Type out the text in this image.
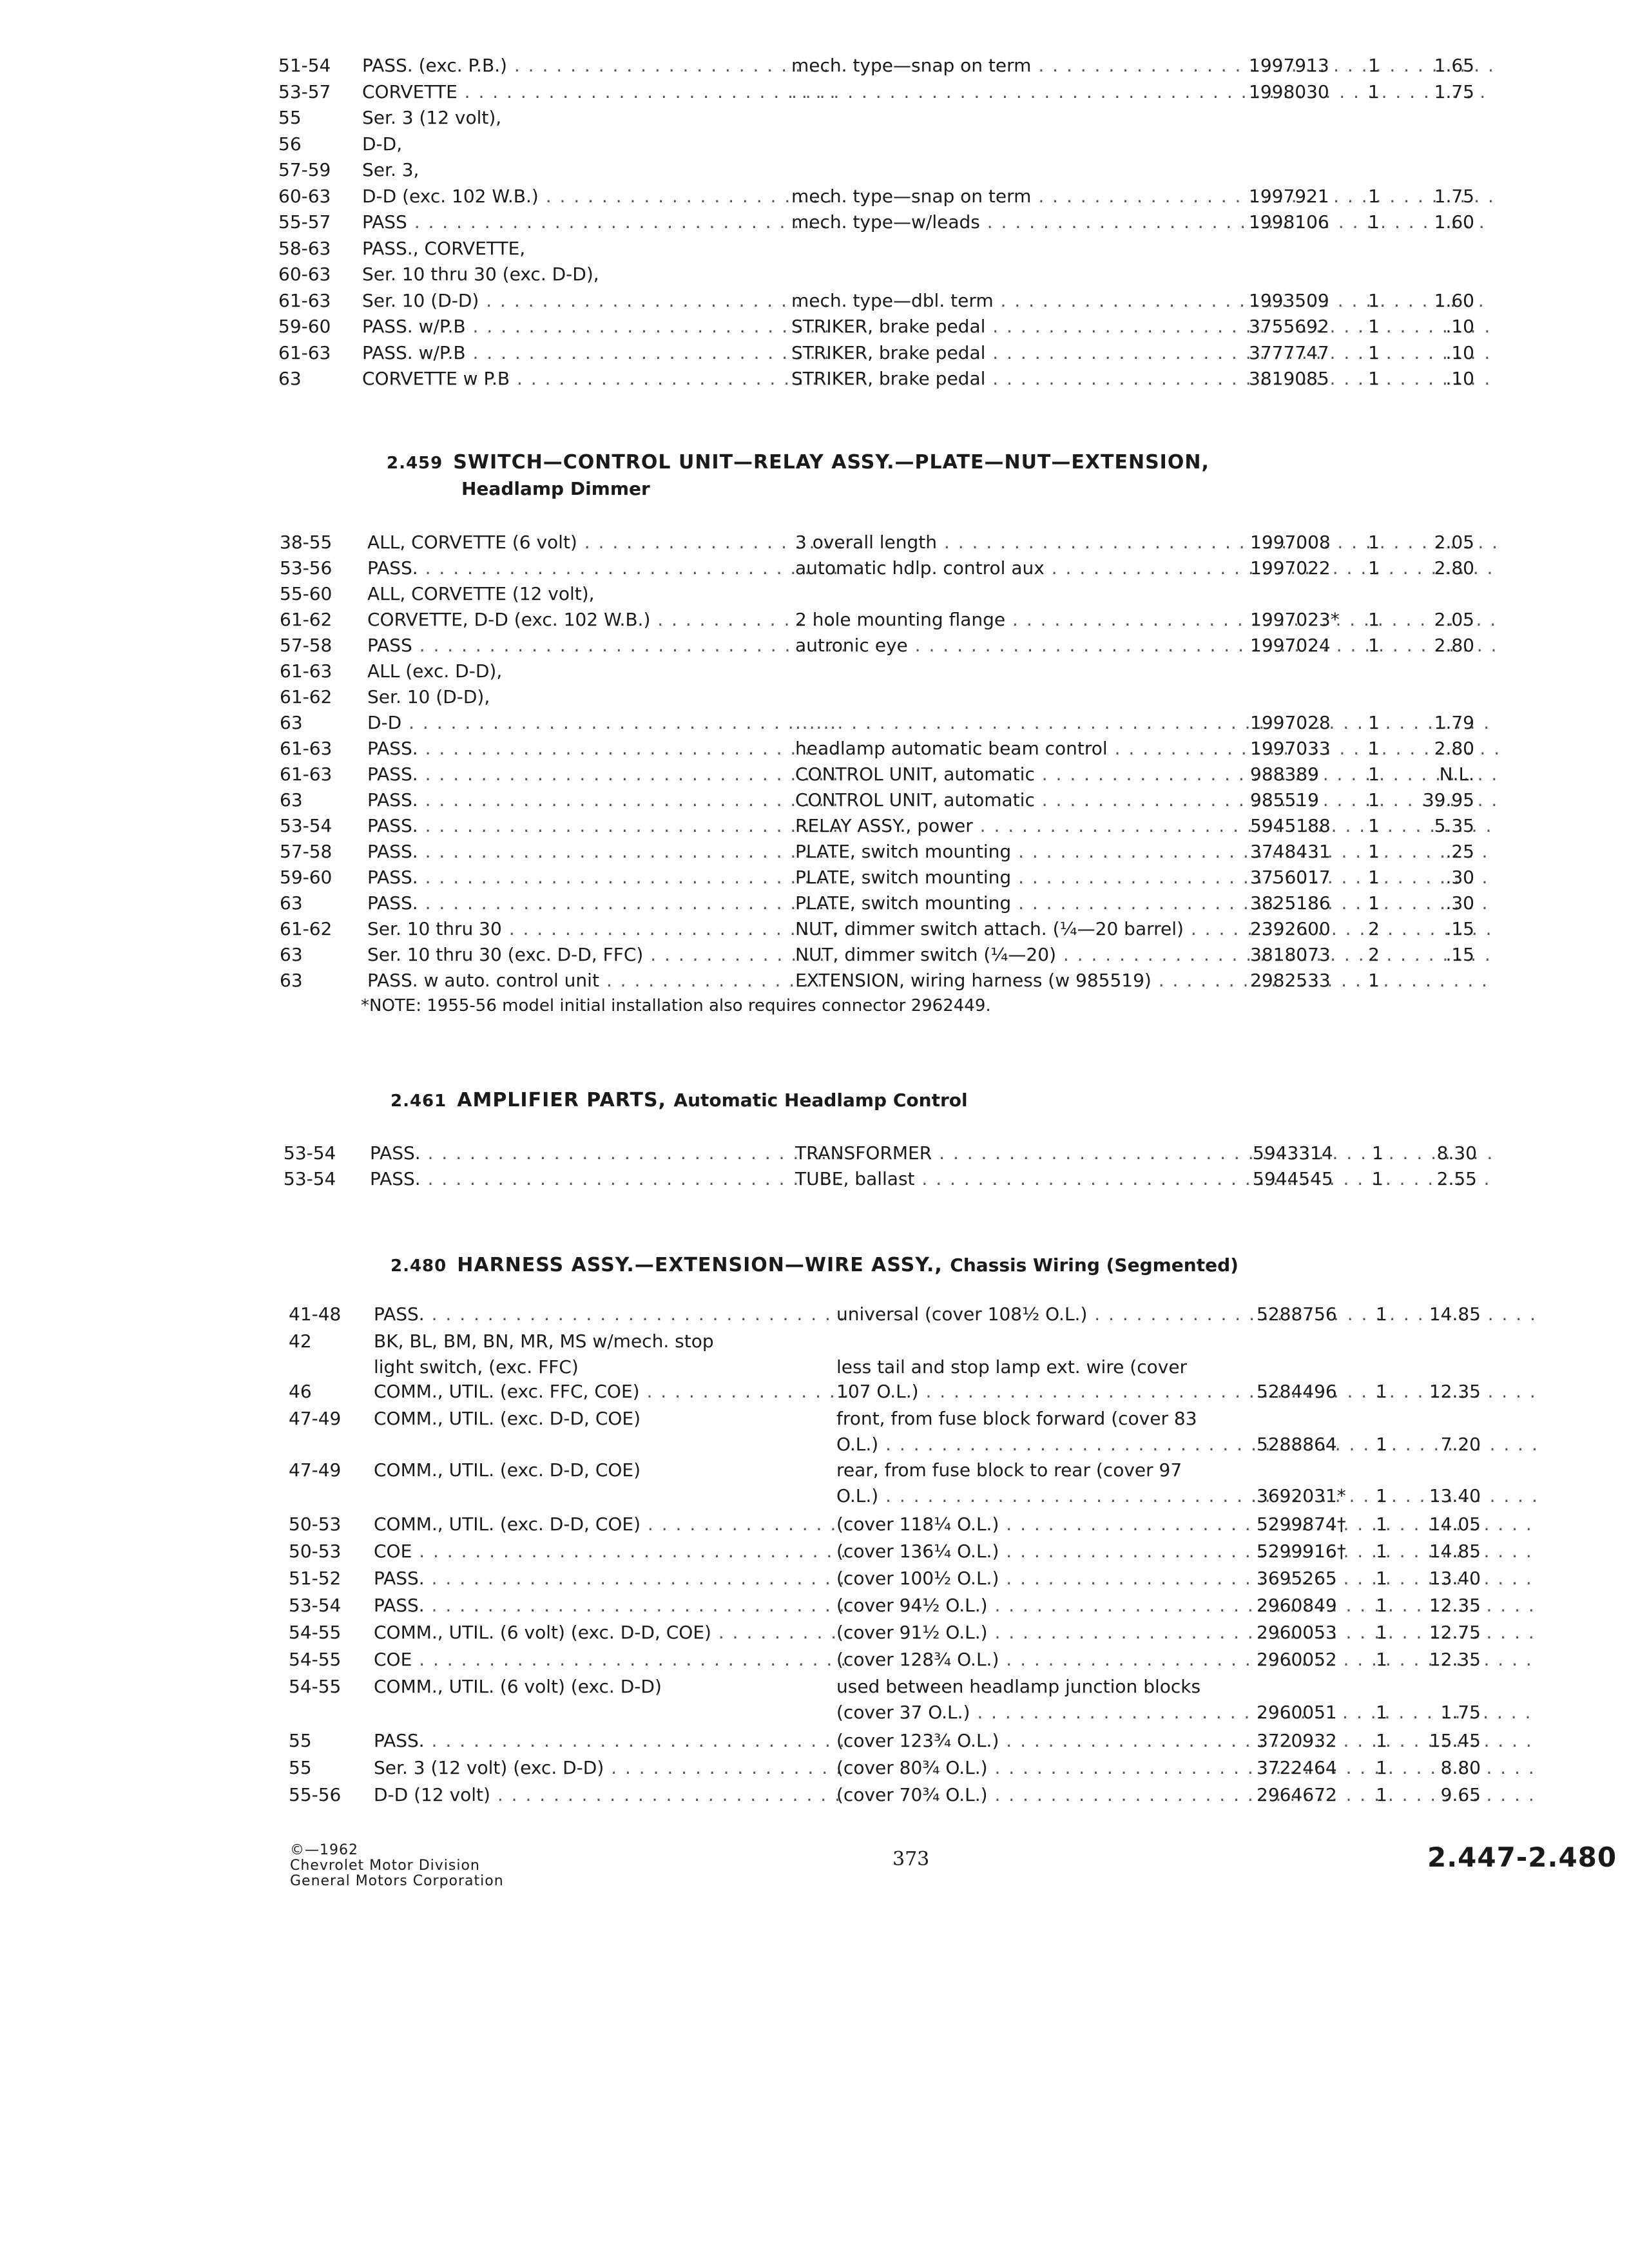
51-54	PASS. (exc. P.B.) . . .	mech. type—snap on term . . .	1997913	1	1.65
53-57	CORVETTE . . . . . .	1998030	1	1.75
55	Ser. 3 (12 volt),
56	D-D,
57-59	Ser. 3,
60-63	D-D (exc. 102 W.B.) . . .	mech. type—snap on term . . .	1997921	1	1.75
55-57	PASS . . .	mech. type—w/leads . . .	1998106	1	1.60
58-63	PASS., CORVETTE,
60-63	Ser. 10 thru 30 (exc. D-D),
61-63	Ser. 10 (D-D) . . .	mech. type—dbl. term . . .	1993509	1	1.60
59-60	PASS. w/P.B . . .	STRIKER, brake pedal . . .	3755692	1	.10
61-63	PASS. w/P.B . . .	STRIKER, brake pedal . . .	3777747	1	.10
63	CORVETTE w P.B . . .	STRIKER, brake pedal . . .	3819085	1	.10
2.459 SWITCH—CONTROL UNIT—RELAY ASSY.—PLATE—NUT—EXTENSION,
Headlamp Dimmer
38-55	ALL, CORVETTE (6 volt) . . .	3 overall length . . .	1997008	1	2.05
53-56	PASS. . . .	automatic hdlp. control aux . . .	1997022	1	2.80
55-60	ALL, CORVETTE (12 volt),
61-62	CORVETTE, D-D (exc. 102 W.B.) . . .	2 hole mounting flange . . .	1997023*	1	2.05
57-58	PASS . . .	autronic eye . . .	1997024	1	2.80
61-63	ALL (exc. D-D),
61-62	Ser. 10 (D-D),
63	D-D . . . . . .	1997028	1	1.79
61-63	PASS. . . .	headlamp automatic beam control . . .	1997033	1	2.80
61-63	PASS. . . .	CONTROL UNIT, automatic . . .	988389	1	N.L.
63	PASS. . . .	CONTROL UNIT, automatic . . .	985519	1	39.95
53-54	PASS. . . .	RELAY ASSY., power . . .	5945188	1	5.35
57-58	PASS. . . .	PLATE, switch mounting . . .	3748431	1	.25
59-60	PASS. . . .	PLATE, switch mounting . . .	3756017	1	.30
63	PASS. . . .	PLATE, switch mounting . . .	3825186	1	.30
61-62	Ser. 10 thru 30 . . .	NUT, dimmer switch attach. (¼—20 barrel) . . .	2392600	2	.15
63	Ser. 10 thru 30 (exc. D-D, FFC) . . .	NUT, dimmer switch (¼—20) . . .	3818073	2	.15
63	PASS. w auto. control unit . . .	EXTENSION, wiring harness (w 985519) . . .	2982533	1
*NOTE: 1955-56 model initial installation also requires connector 2962449.
2.461 AMPLIFIER PARTS, Automatic Headlamp Control
53-54	PASS. . . .	TRANSFORMER . . .	5943314	1	8.30
53-54	PASS. . . .	TUBE, ballast . . .	5944545	1	2.55
2.480 HARNESS ASSY.—EXTENSION—WIRE ASSY., Chassis Wiring (Segmented)
41-48	PASS. . . .	universal (cover 108½ O.L.) . . .	5288756	1	14.85
42	BK, BL, BM, BN, MR, MS w/mech. stop
light switch, (exc. FFC)	less tail and stop lamp ext. wire (cover
46	COMM., UTIL. (exc. FFC, COE) . . .	107 O.L.) . . .	5284496	1	12.35
47-49	COMM., UTIL. (exc. D-D, COE)	front, from fuse block forward (cover 83
O.L.) . . .	5288864	1	7.20
47-49	COMM., UTIL. (exc. D-D, COE)	rear, from fuse block to rear (cover 97
O.L.) . . .	3692031*	1	13.40
50-53	COMM., UTIL. (exc. D-D, COE) . . .	(cover 118¼ O.L.) . . .	5299874†	1	14.05
50-53	COE . . .	(cover 136¼ O.L.) . . .	5299916†	1	14.85
51-52	PASS. . . .	(cover 100½ O.L.) . . .	3695265	1	13.40
53-54	PASS. . . .	(cover 94½ O.L.) . . .	2960849	1	12.35
54-55	COMM., UTIL. (6 volt) (exc. D-D, COE) . . .	(cover 91½ O.L.) . . .	2960053	1	12.75
54-55	COE . . .	(cover 128¾ O.L.) . . .	2960052	1	12.35
54-55	COMM., UTIL. (6 volt) (exc. D-D)	used between headlamp junction blocks
(cover 37 O.L.) . . .	2960051	1	1.75
55	PASS. . . .	(cover 123¾ O.L.) . . .	3720932	1	15.45
55	Ser. 3 (12 volt) (exc. D-D) . . .	(cover 80¾ O.L.) . . .	3722464	1	8.80
55-56	D-D (12 volt) . . .	(cover 70¾ O.L.) . . .	2964672	1	9.65
©—1962
Chevrolet Motor Division
General Motors Corporation
373	2.447-2.480
